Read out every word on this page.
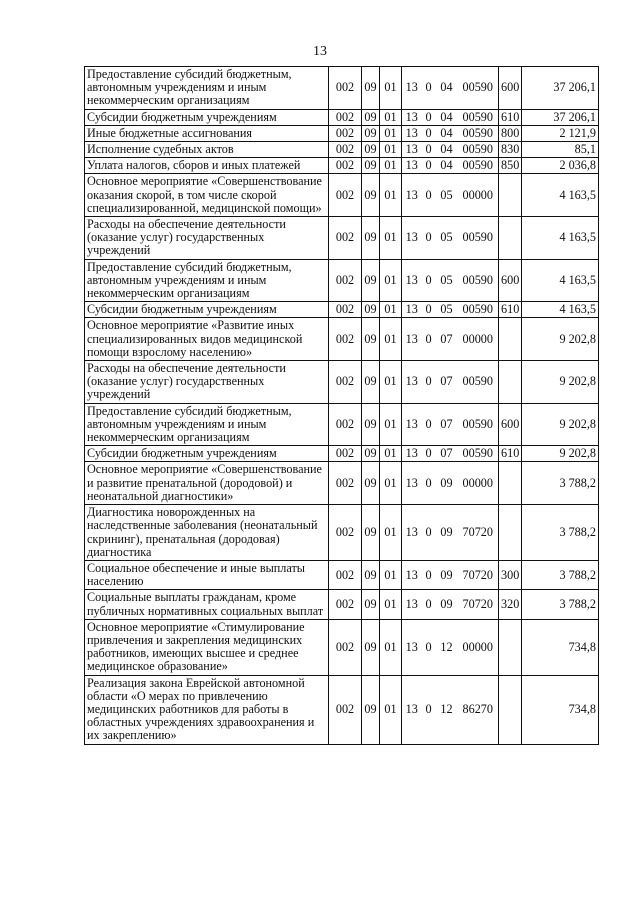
13
Предоставление субсидий бюджетным, автономным учреждениям и иным некоммерческим организациям	002	09	01	13	0	04	00590	600	37 206,1
Субсидии бюджетным учреждениям	002	09	01	13	0	04	00590	610	37 206,1
Иные бюджетные ассигнования	002	09	01	13	0	04	00590	800	2 121,9
Исполнение судебных актов	002	09	01	13	0	04	00590	830	85,1
Уплата налогов, сборов и иных платежей	002	09	01	13	0	04	00590	850	2 036,8
Основное мероприятие «Совершенствование оказания скорой, в том числе скорой специализированной, медицинской помощи»	002	09	01	13	0	05	00000		4 163,5
Расходы на обеспечение деятельности (оказание услуг) государственных учреждений	002	09	01	13	0	05	00590		4 163,5
Предоставление субсидий бюджетным, автономным учреждениям и иным некоммерческим организациям	002	09	01	13	0	05	00590	600	4 163,5
Субсидии бюджетным учреждениям	002	09	01	13	0	05	00590	610	4 163,5
Основное мероприятие «Развитие иных специализированных видов медицинской помощи взрослому населению»	002	09	01	13	0	07	00000		9 202,8
Расходы на обеспечение деятельности (оказание услуг) государственных учреждений	002	09	01	13	0	07	00590		9 202,8
Предоставление субсидий бюджетным, автономным учреждениям и иным некоммерческим организациям	002	09	01	13	0	07	00590	600	9 202,8
Субсидии бюджетным учреждениям	002	09	01	13	0	07	00590	610	9 202,8
Основное мероприятие «Совершенствование и развитие пренатальной (дородовой) и неонатальной диагностики»	002	09	01	13	0	09	00000		3 788,2
Диагностика новорожденных на наследственные заболевания (неонатальный скрининг), пренатальная (дородовая) диагностика	002	09	01	13	0	09	70720		3 788,2
Социальное обеспечение и иные выплаты населению	002	09	01	13	0	09	70720	300	3 788,2
Социальные выплаты гражданам, кроме публичных нормативных социальных выплат	002	09	01	13	0	09	70720	320	3 788,2
Основное мероприятие «Стимулирование привлечения и закрепления медицинских работников, имеющих высшее и среднее медицинское образование»	002	09	01	13	0	12	00000		734,8
Реализация закона Еврейской автономной области «О мерах по привлечению медицинских работников для работы в областных учреждениях здравоохранения и их закреплению»	002	09	01	13	0	12	86270		734,8
